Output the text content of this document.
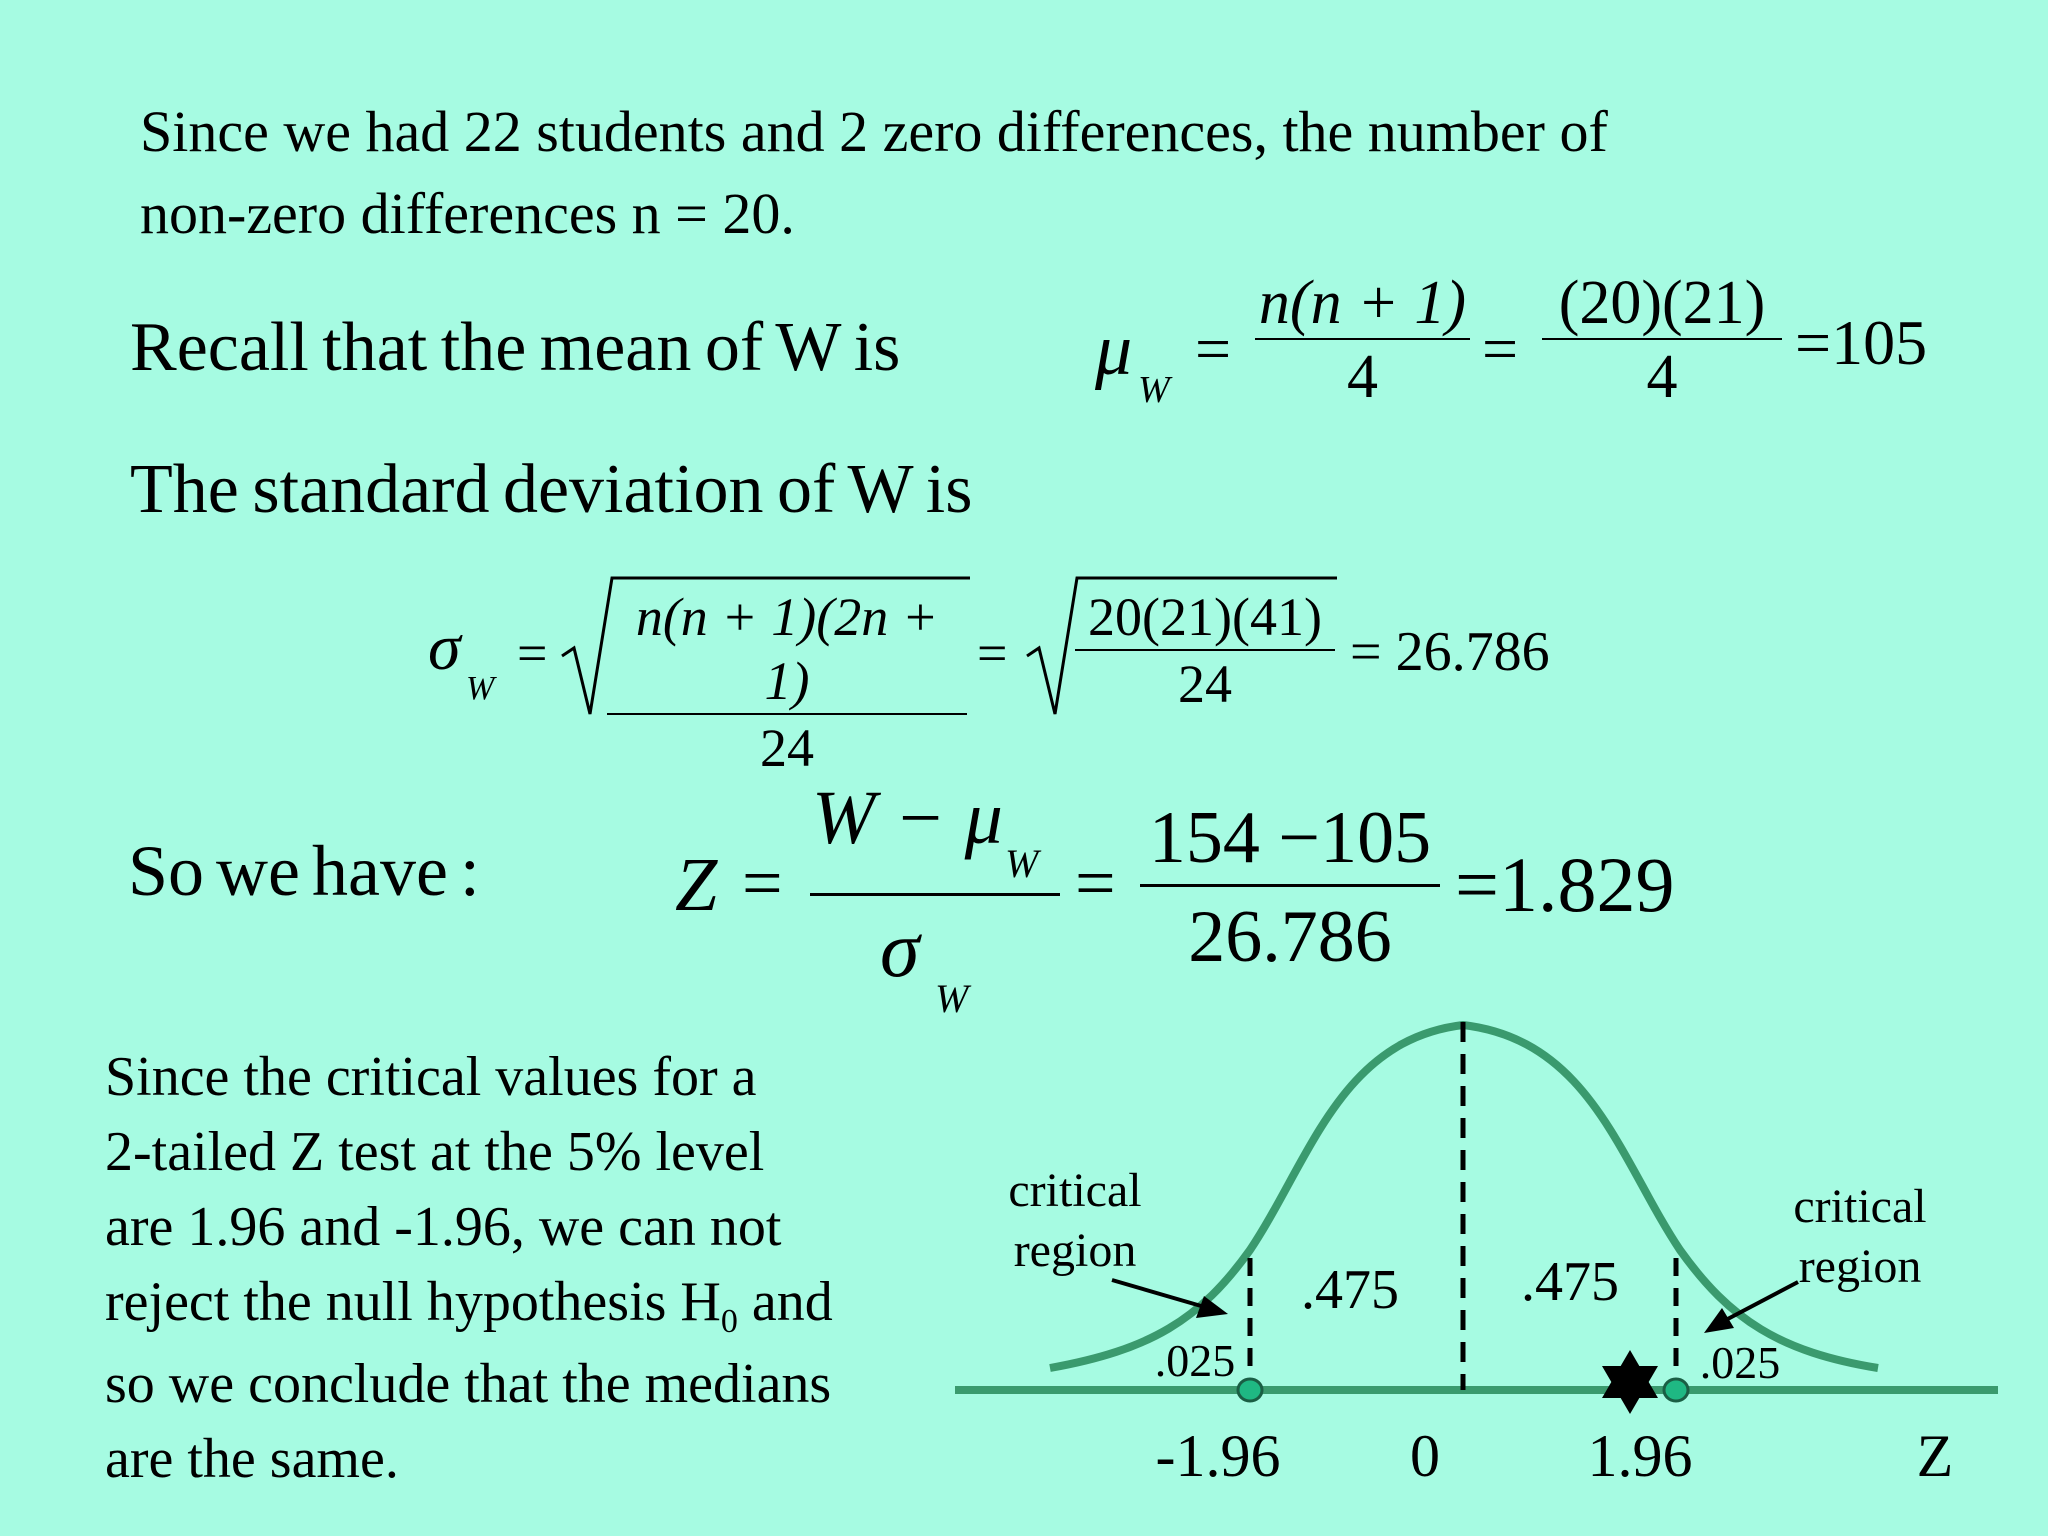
Since we had 22 students and 2 zero differences, the number of
non-zero differences n = 20.
Recall that the mean of W is	μ W
=
n(n + 1)
4	=
(20)(21)
4	=105
The standard deviation of W is
σ
W
=
n(n + 1)(2n + 1)
24
=
20(21)(41)
24
= 26.786
So we have :	Z =
W − μ
W
σ
W
=
154 −105
26.786
=1.829
Since the critical values for a
2-tailed Z test at the 5% level
are 1.96 and -1.96, we can not
reject the null hypothesis $H_0$ and
so we conclude that the medians
are the same.
critical
region
critical
region
.475 .475
.025	.025
-1.96 0 1.96	Z
